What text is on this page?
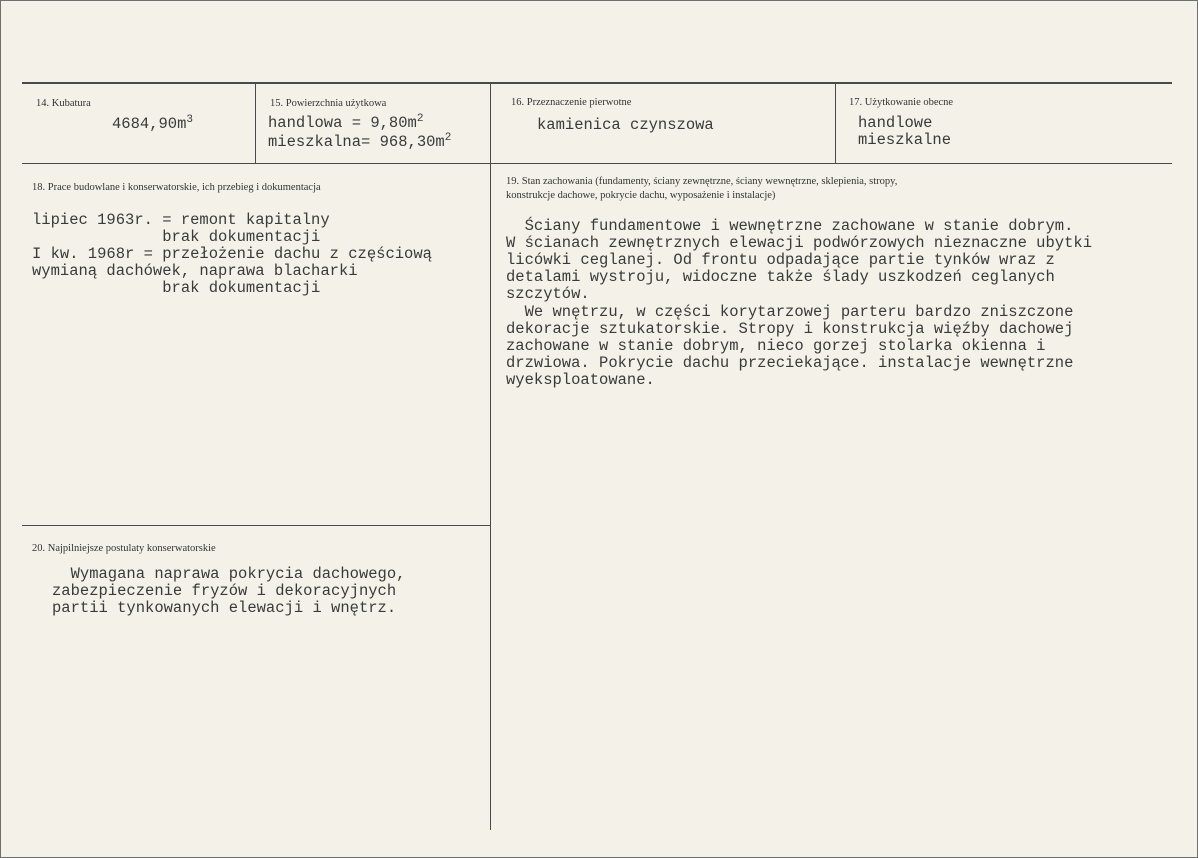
14. Kubatura
$4684,90m^3$
15. Powierzchnia użytkowa
handlowa = $9,80m^2$
mieszkalna= $968,30m^2$
16. Przeznaczenie pierwotne
kamienica czynszowa
17. Użytkowanie obecne
handlowe
mieszkalne
18. Prace budowlane i konserwatorskie, ich przebieg i dokumentacja
lipiec 1963r. = remont kapitalny
brak dokumentacji
I kw. 1968r = przełożenie dachu z częściową
wymianą dachówek, naprawa blacharki
brak dokumentacji
19. Stan zachowania (fundamenty, ściany zewnętrzne, ściany wewnętrzne, sklepienia, stropy,
konstrukcje dachowe, pokrycie dachu, wyposażenie i instalacje)
Ściany fundamentowe i wewnętrzne zachowane w stanie dobrym.
W ścianach zewnętrznych elewacji podwórzowych nieznaczne ubytki
licówki ceglanej. Od frontu odpadające partie tynków wraz z
detalami wystroju, widoczne także ślady uszkodzeń ceglanych
szczytów.
We wnętrzu, w części korytarzowej parteru bardzo zniszczone
dekoracje sztukatorskie. Stropy i konstrukcja więźby dachowej
zachowane w stanie dobrym, nieco gorzej stolarka okienna i
drzwiowa. Pokrycie dachu przeciekające. instalacje wewnętrzne
wyeksploatowane.
20. Najpilniejsze postulaty konserwatorskie
Wymagana naprawa pokrycia dachowego,
zabezpieczenie fryzów i dekoracyjnych
partii tynkowanych elewacji i wnętrz.
